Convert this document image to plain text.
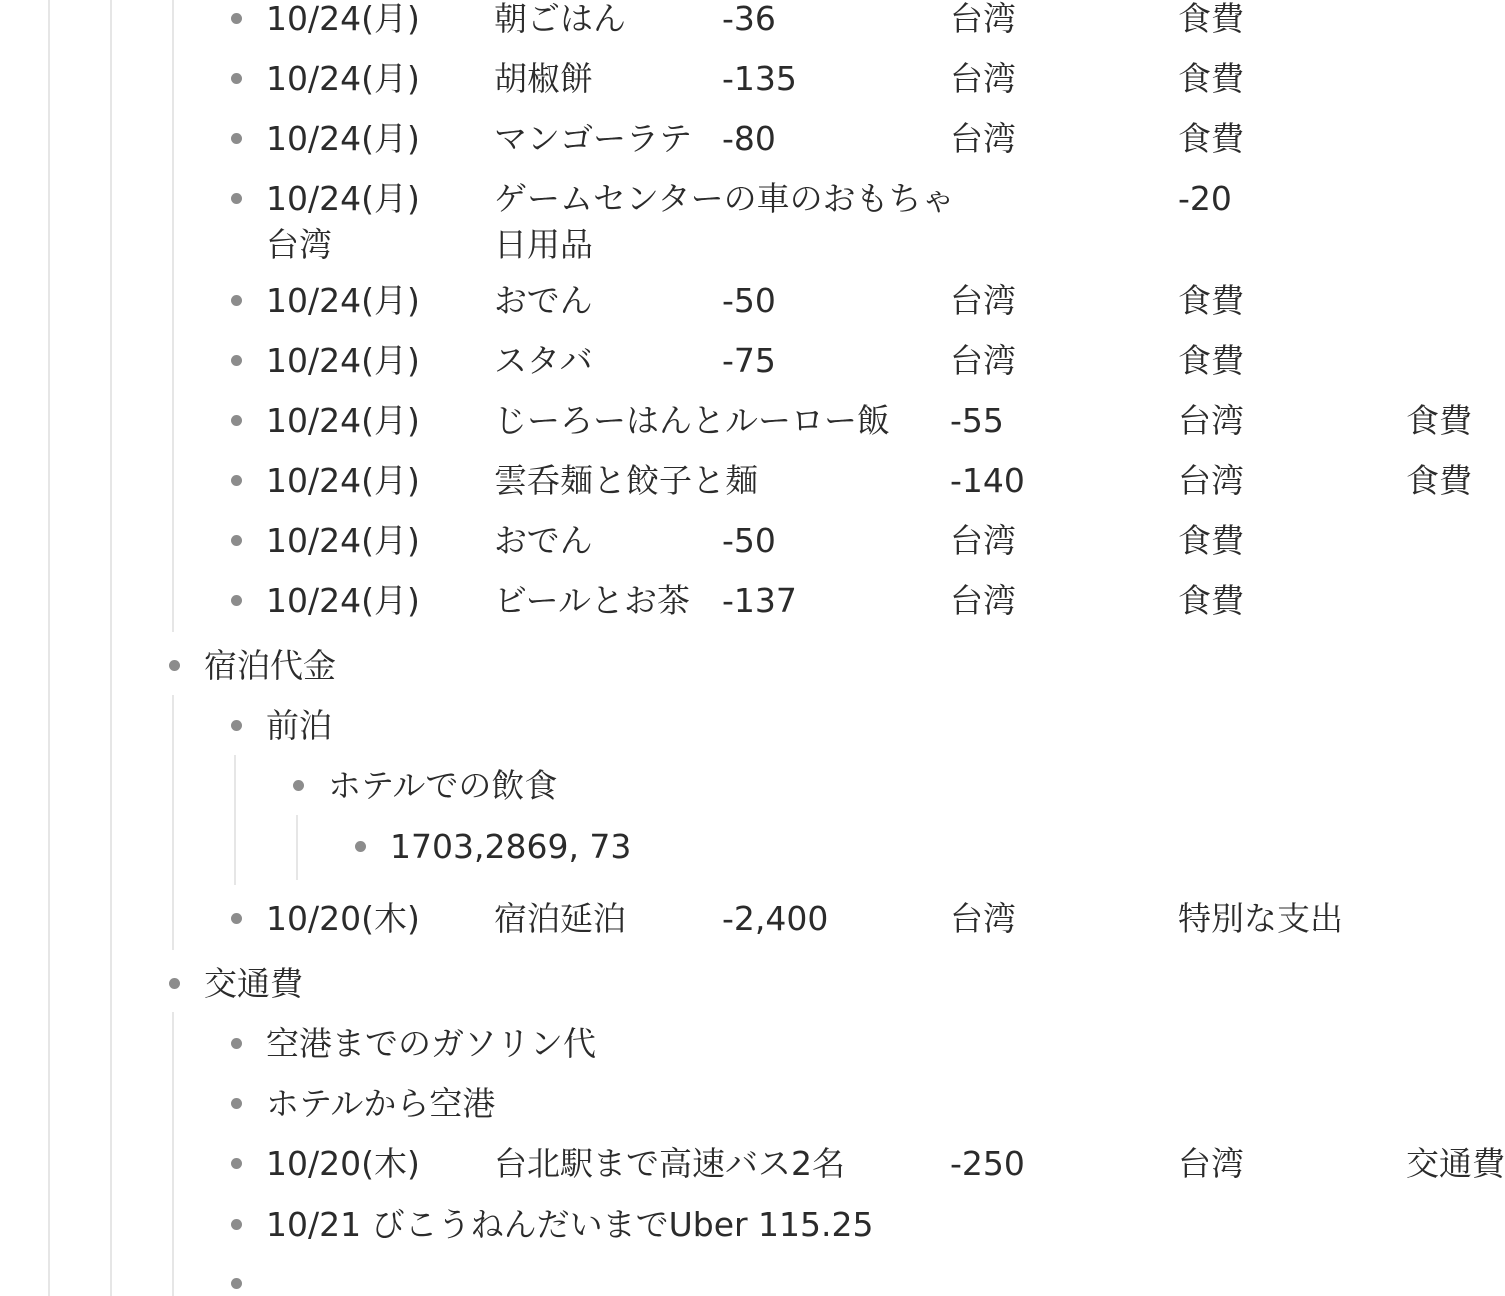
10/24(月)	朝ごはん	-36	台湾	食費
10/24(月)	胡椒餅	-135	台湾	食費
10/24(月)	マンゴーラテ	-80	台湾	食費
10/24(月)	ゲームセンターの車のおもちゃ	-20	台湾	日用品
10/24(月)	おでん	-50	台湾	食費
10/24(月)	スタバ	-75	台湾	食費
10/24(月)	じーろーはんとルーロー飯	-55	台湾	食費
10/24(月)	雲呑麺と餃子と麺	-140	台湾	食費
10/24(月)	おでん	-50	台湾	食費
10/24(月)	ビールとお茶	-137	台湾	食費
宿泊代金
前泊
ホテルでの飲食
1703,2869, 73
10/20(木)	宿泊延泊	-2,400	台湾	特別な支出
交通費
空港までのガソリン代
ホテルから空港
10/20(木)	台北駅まで高速バス2名	-250	台湾	交通費
10/21 びこうねんだいまでUber 115.25
